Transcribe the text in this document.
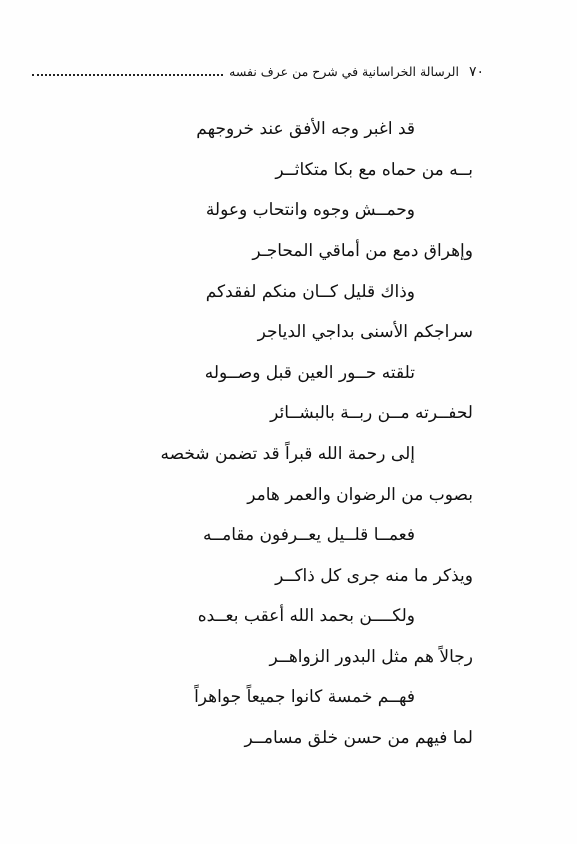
٧٠
الرسالة الخراسانية في شرح من عرف نفسه
قد اغبر وجه الأفق عند خروجهم
بــه من حماه مع بكا متكاثــر
وحمــش وجوه وانتحاب وعولة
وإهراق دمع من أماقي المحاجـر
وذاك قليل كــان منكم لفقدكم
سراجكم الأسنى بداجي الدياجر
تلقته حــور العين قبل وصــوله
لحفــرته مــن ربــة بالبشــائر
إلى رحمة الله قبراً قد تضمن شخصه
بصوب من الرضوان والعمر هامر
فعمــا قلــيل يعــرفون مقامــه
ويذكر ما منه جرى كل ذاكــر
ولكــــن بحمد الله أعقب بعــده
رجالاً هم مثل البدور الزواهــر
فهــم خمسة كانوا جميعاً جواهراً
لما فيهم من حسن خلق مسامــر
